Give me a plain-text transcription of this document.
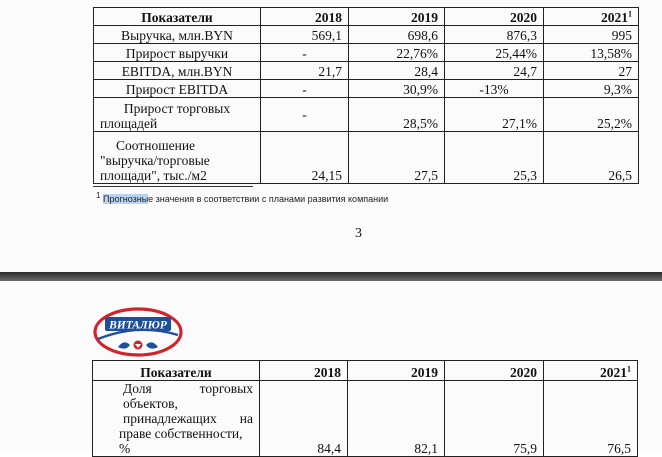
Показатели	2018	2019	2020	2021$^1$
Выручка, млн.BYN	569,1	698,6	876,3	995
Прирост выручки	-	22,76%	25,44%	13,58%
EBITDA, млн.BYN	21,7	28,4	24,7	27
Прирост EBITDA	-	30,9%	-13%	9,3%

Прирост торговых
площадей	-	28,5%	27,1%	25,2%

Соотношение
"выручка/торговые
площади", тыс./м2	24,15	27,5	25,3	26,5
$^1$ Прогнозные значения в соответствии с планами развития компании
3
ВИТАЛЮР
Показатели	2018	2019	2020	2021$^1$

Доля торговых
объектов,
принадлежащих на
праве собственности, %	84,4	82,1	75,9	76,5
